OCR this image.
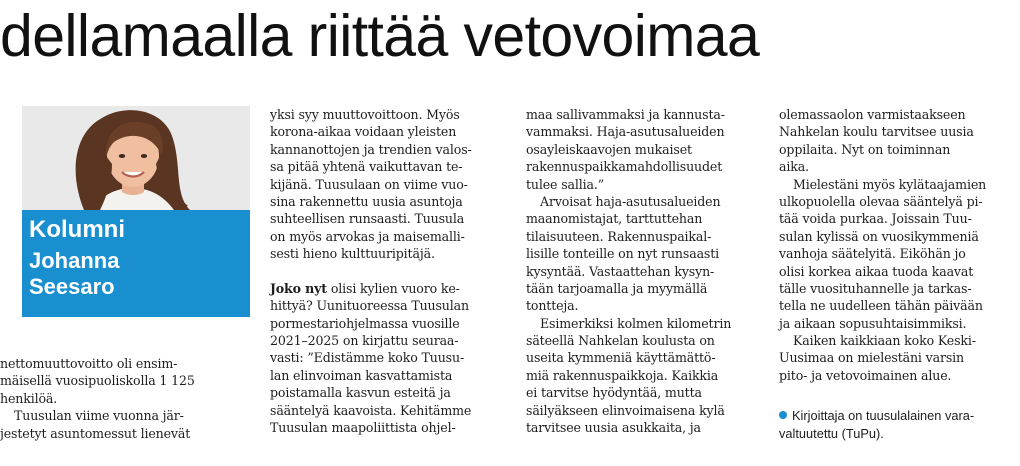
dellamaalla riittää vetovoimaa
Kolumni
Johanna
Seesaro
nettomuuttovoitto oli ensim-
mäisellä vuosipuoliskolla 1 125
henkilöä.
Tuusulan viime vuonna jär-
jestetyt asuntomessut lienevät
yksi syy muuttovoittoon. Myös
korona-aikaa voidaan yleisten
kannanottojen ja trendien valos-
sa pitää yhtenä vaikuttavan te-
kijänä. Tuusulaan on viime vuo-
sina rakennettu uusia asuntoja
suhteellisen runsaasti. Tuusula
on myös arvokas ja maisemalli-
sesti hieno kulttuuripitäjä.
Joko nyt olisi kylien vuoro ke-
hittyä? Uunituoreessa Tuusulan
pormestariohjelmassa vuosille
2021–2025 on kirjattu seuraa-
vasti: ”Edistämme koko Tuusu-
lan elinvoiman kasvattamista
poistamalla kasvun esteitä ja
sääntelyä kaavoista. Kehitämme
Tuusulan maapoliittista ohjel-
maa sallivammaksi ja kannusta-
vammaksi. Haja-asutusalueiden
osayleiskaavojen mukaiset
rakennuspaikkamahdollisuudet
tulee sallia.”
Arvoisat haja-asutusalueiden
maanomistajat, tarttuttehan
tilaisuuteen. Rakennuspaikal-
lisille tonteille on nyt runsaasti
kysyntää. Vastaattehan kysyn-
tään tarjoamalla ja myymällä
tontteja.
Esimerkiksi kolmen kilometrin
säteellä Nahkelan koulusta on
useita kymmeniä käyttämättö-
miä rakennuspaikkoja. Kaikkia
ei tarvitse hyödyntää, mutta
säilyäkseen elinvoimaisena kylä
tarvitsee uusia asukkaita, ja
olemassaolon varmistaakseen
Nahkelan koulu tarvitsee uusia
oppilaita. Nyt on toiminnan
aika.
Mielestäni myös kylätaajamien
ulkopuolella olevaa sääntelyä pi-
tää voida purkaa. Joissain Tuu-
sulan kylissä on vuosikymmeniä
vanhoja säätelyitä. Eiköhän jo
olisi korkea aikaa tuoda kaavat
tälle vuosituhannelle ja tarkas-
tella ne uudelleen tähän päivään
ja aikaan sopusuhtaisimmiksi.
Kaiken kaikkiaan koko Keski-
Uusimaa on mielestäni varsin
pito- ja vetovoimainen alue.
Kirjoittaja on tuusulalainen vara-
valtuutettu (TuPu).
